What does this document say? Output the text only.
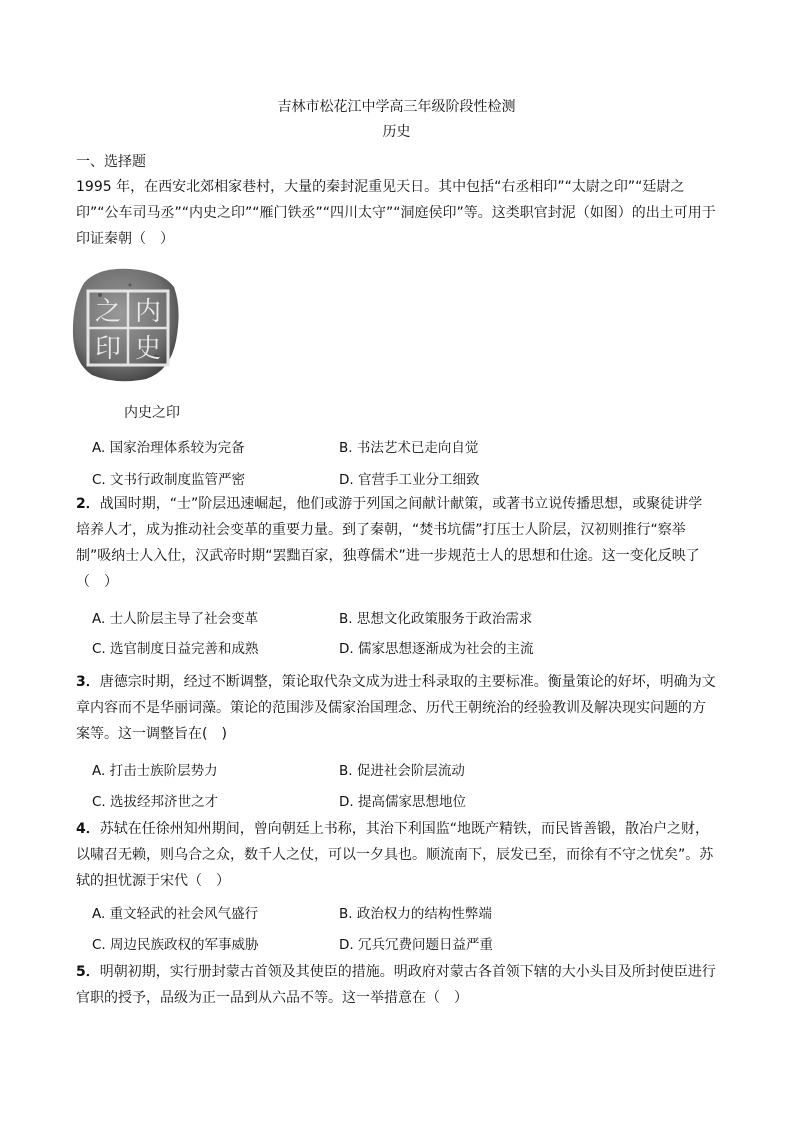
吉林市松花江中学高三年级阶段性检测
历史
一、选择题

1995 年，在西安北郊相家巷村，大量的秦封泥重见天日。其中包括“右丞相印”“太尉之印”“廷尉之印”“公车司马丞”“内史之印”“雁门铁丞”“四川太守”“洞庭侯印”等。这类职官封泥（如图）的出土可用于印证秦朝（　）

内
史
之
印
内史之印
A. 国家治理体系较为完备	B. 书法艺术已走向自觉
C. 文书行政制度监管严密	D. 官营手工业分工细致

2．战国时期，“士”阶层迅速崛起，他们或游于列国之间献计献策，或著书立说传播思想，或聚徒讲学培养人才，成为推动社会变革的重要力量。到了秦朝，“焚书坑儒”打压士人阶层，汉初则推行“察举制”吸纳士人入仕，汉武帝时期“罢黜百家，独尊儒术”进一步规范士人的思想和仕途。这一变化反映了（　）

A. 士人阶层主导了社会变革	B. 思想文化政策服务于政治需求
C. 选官制度日益完善和成熟	D. 儒家思想逐渐成为社会的主流

3．唐德宗时期，经过不断调整，策论取代杂文成为进士科录取的主要标准。衡量策论的好坏，明确为文章内容而不是华丽词藻。策论的范围涉及儒家治国理念、历代王朝统治的经验教训及解决现实问题的方案等。这一调整旨在(　)

A. 打击士族阶层势力	B. 促进社会阶层流动
C. 选拔经邦济世之才	D. 提高儒家思想地位

4．苏轼在任徐州知州期间，曾向朝廷上书称，其治下利国监“地既产精铁，而民皆善锻，散冶户之财，以啸召无赖，则乌合之众，数千人之仗，可以一夕具也。顺流南下，辰发已至，而徐有不守之忧矣”。苏轼的担忧源于宋代（　）

A. 重文轻武的社会风气盛行	B. 政治权力的结构性弊端
C. 周边民族政权的军事威胁	D. 冗兵冗费问题日益严重

5．明朝初期，实行册封蒙古首领及其使臣的措施。明政府对蒙古各首领下辖的大小头目及所封使臣进行官职的授予，品级为正一品到从六品不等。这一举措意在（　）
